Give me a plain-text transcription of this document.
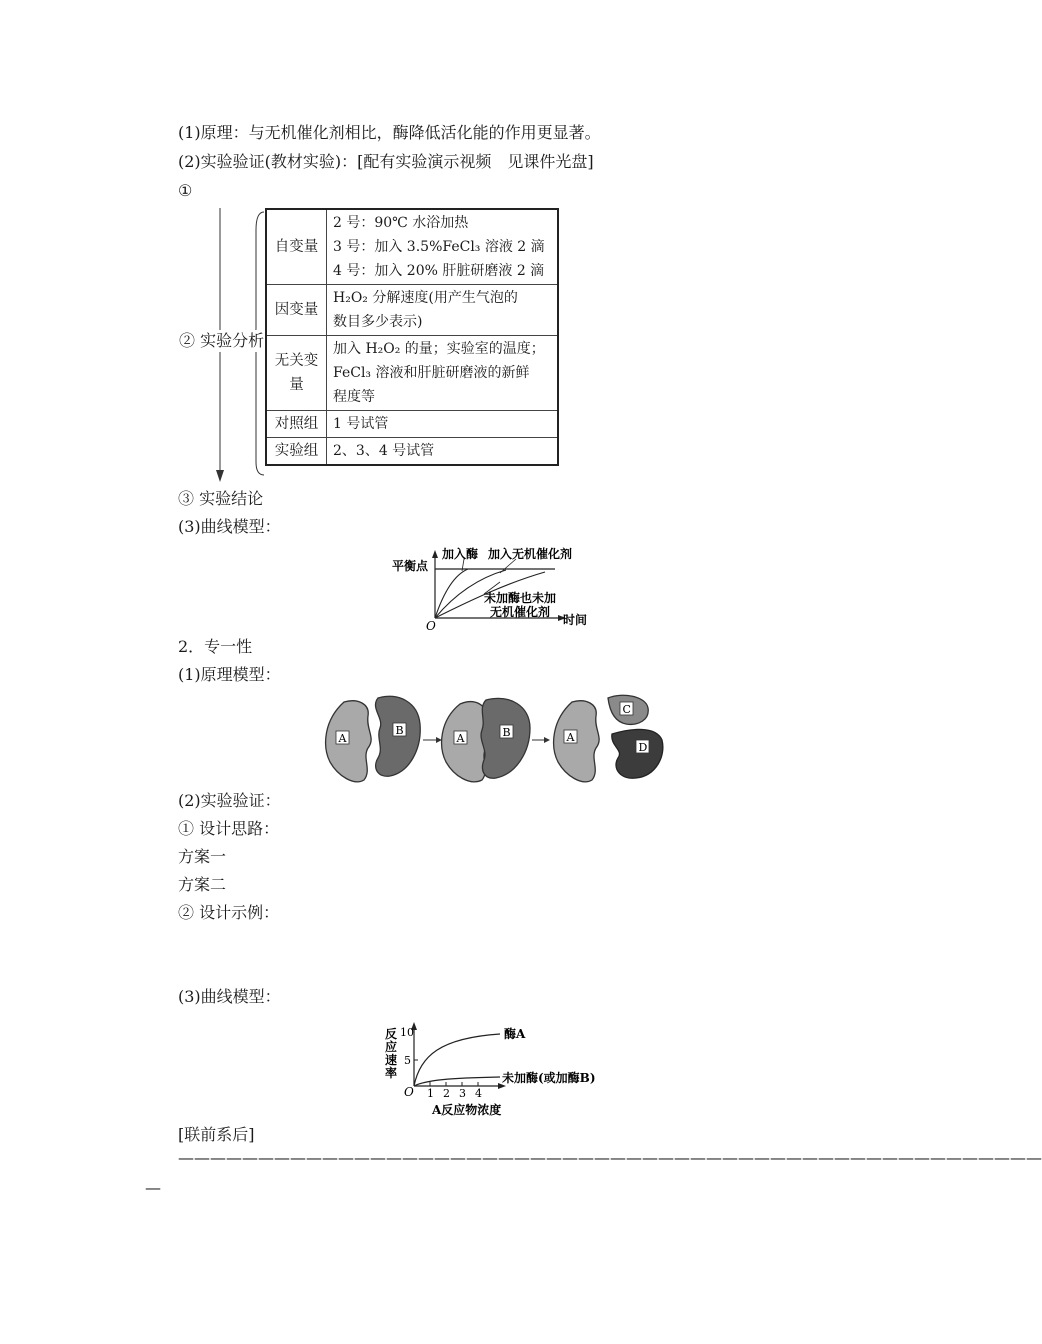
(1)原理：与无机催化剂相比，酶降低活化能的作用更显著。
(2)实验验证(教材实验)：[配有实验演示视频　见课件光盘]
①
② 实验分析
自变量	2 号：90℃ 水浴加热
3 号：加入 3.5%FeCl₃ 溶液 2 滴
4 号：加入 20% 肝脏研磨液 2 滴

因变量	H₂O₂ 分解速度(用产生气泡的
数目多少表示)

无关变量	加入 H₂O₂ 的量；实验室的温度；
FeCl₃ 溶液和肝脏研磨液的新鲜
程度等

对照组	1 号试管
实验组	2、3、4 号试管
③ 实验结论
(3)曲线模型：
平衡点
O	时间
加入酶 加入无机催化剂
未加酶也未加
无机催化剂
2．专一性
(1)原理模型：
A
B
A	B	A
C
D
(2)实验验证：
① 设计思路：
方案一
方案二
② 设计示例：
(3)曲线模型：
反
应
速
率
10
5
O 1 2 3 4
A反应物浓度
酶A
未加酶(或加酶B)
[联前系后]
——————————————————————————————————————————————————————
—
